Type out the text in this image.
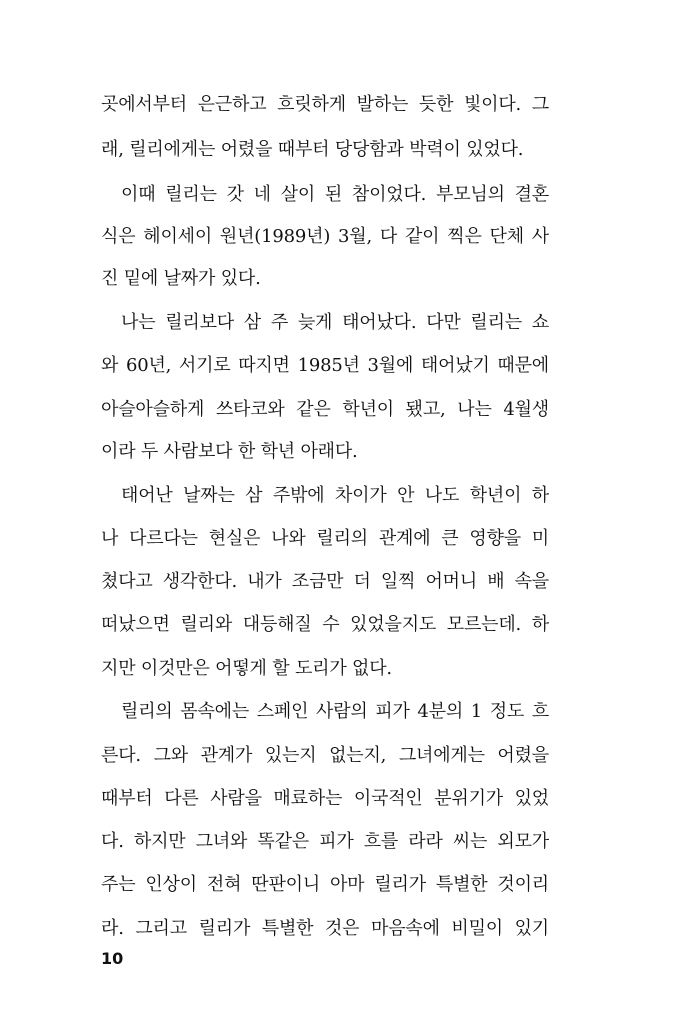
곳에서부터 은근하고 흐릿하게 발하는 듯한 빛이다. 그
래, 릴리에게는 어렸을 때부터 당당함과 박력이 있었다.
이때 릴리는 갓 네 살이 된 참이었다. 부모님의 결혼
식은 헤이세이 원년(1989년) 3월, 다 같이 찍은 단체 사
진 밑에 날짜가 있다.
나는 릴리보다 삼 주 늦게 태어났다. 다만 릴리는 쇼
와 60년, 서기로 따지면 1985년 3월에 태어났기 때문에
아슬아슬하게 쓰타코와 같은 학년이 됐고, 나는 4월생
이라 두 사람보다 한 학년 아래다.
태어난 날짜는 삼 주밖에 차이가 안 나도 학년이 하
나 다르다는 현실은 나와 릴리의 관계에 큰 영향을 미
쳤다고 생각한다. 내가 조금만 더 일찍 어머니 배 속을
떠났으면 릴리와 대등해질 수 있었을지도 모르는데. 하
지만 이것만은 어떻게 할 도리가 없다.
릴리의 몸속에는 스페인 사람의 피가 4분의 1 정도 흐
른다. 그와 관계가 있는지 없는지, 그녀에게는 어렸을
때부터 다른 사람을 매료하는 이국적인 분위기가 있었
다. 하지만 그녀와 똑같은 피가 흐를 라라 씨는 외모가
주는 인상이 전혀 딴판이니 아마 릴리가 특별한 것이리
라. 그리고 릴리가 특별한 것은 마음속에 비밀이 있기
10
